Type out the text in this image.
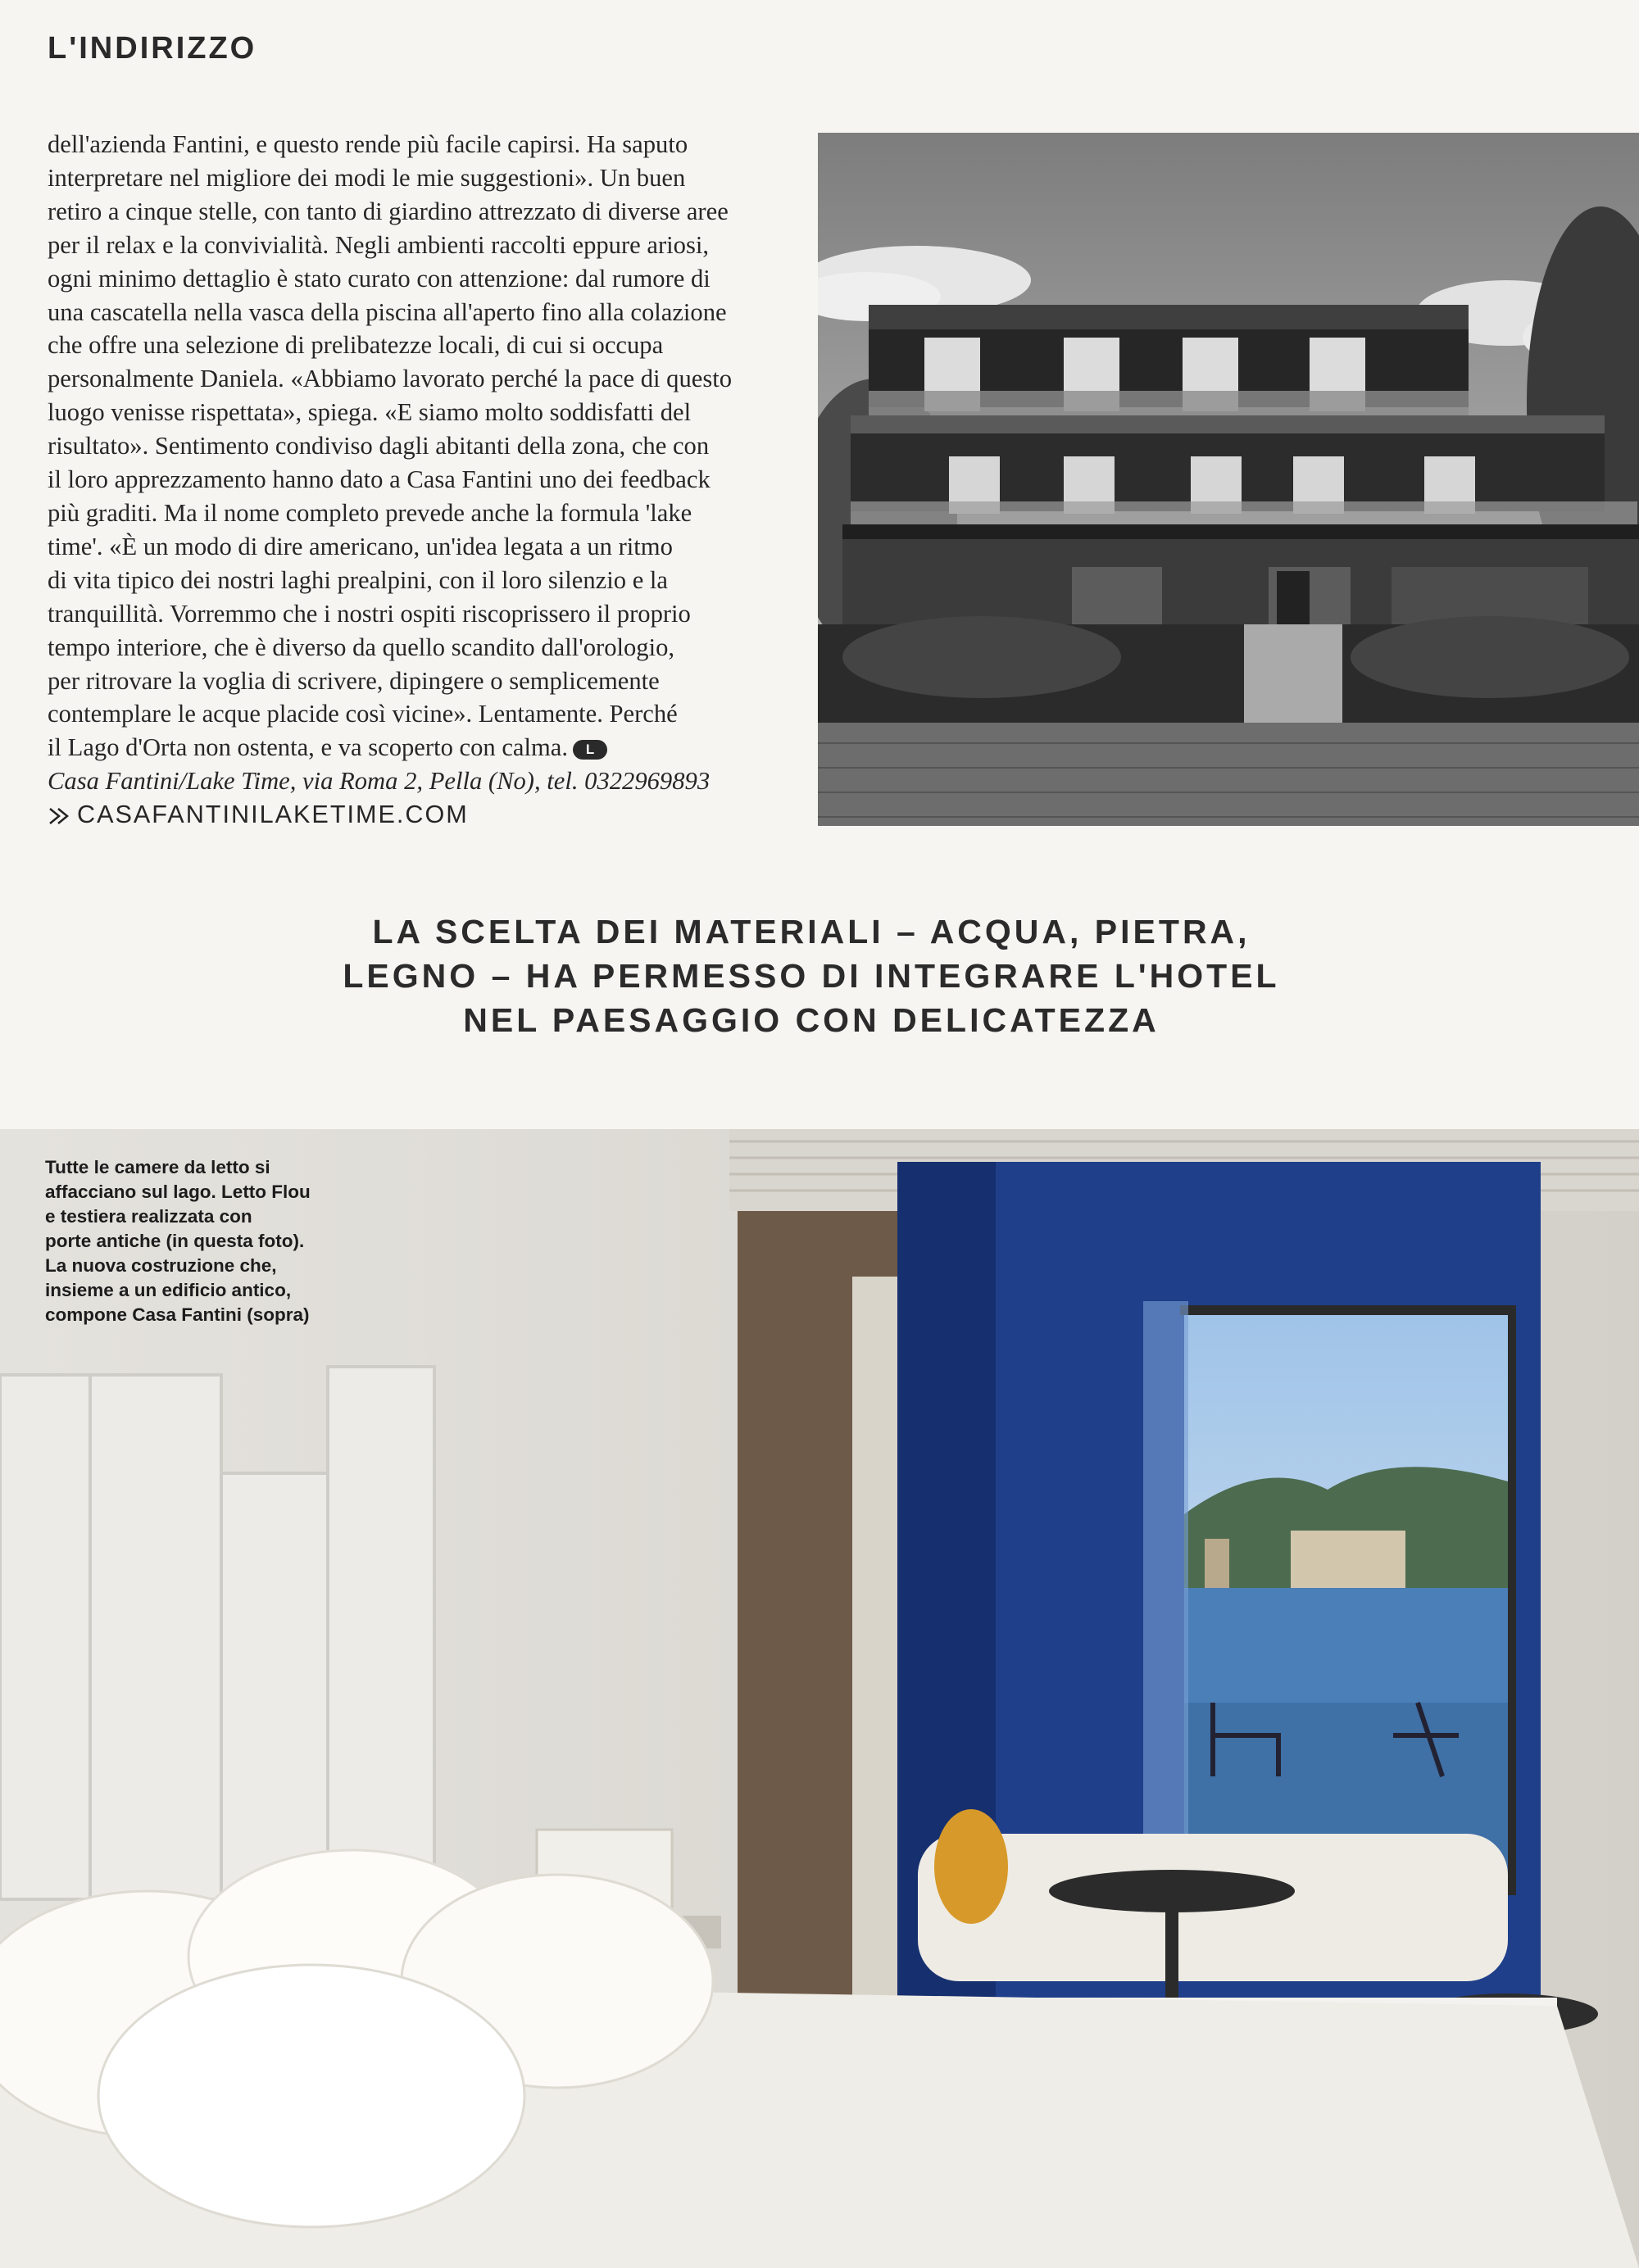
L'INDIRIZZO

dell'azienda Fantini, e questo rende più facile capirsi. Ha saputo

interpretare nel migliore dei modi le mie suggestioni». Un buen

retiro a cinque stelle, con tanto di giardino attrezzato di diverse aree

per il relax e la convivialità. Negli ambienti raccolti eppure ariosi,

ogni minimo dettaglio è stato curato con attenzione: dal rumore di

una cascatella nella vasca della piscina all'aperto fino alla colazione

che offre una selezione di prelibatezze locali, di cui si occupa

personalmente Daniela. «Abbiamo lavorato perché la pace di questo

luogo venisse rispettata», spiega. «E siamo molto soddisfatti del

risultato». Sentimento condiviso dagli abitanti della zona, che con

il loro apprezzamento hanno dato a Casa Fantini uno dei feedback

più graditi. Ma il nome completo prevede anche la formula 'lake

time'. «È un modo di dire americano, un'idea legata a un ritmo

di vita tipico dei nostri laghi prealpini, con il loro silenzio e la

tranquillità. Vorremmo che i nostri ospiti riscoprissero il proprio

tempo interiore, che è diverso da quello scandito dall'orologio,

per ritrovare la voglia di scrivere, dipingere o semplicemente

contemplare le acque placide così vicine». Lentamente. Perché

il Lago d'Orta non ostenta, e va scoperto con calma. L

Casa Fantini/Lake Time, via Roma 2, Pella (No), tel. 0322969893

CASAFANTINILAKETIME.COM

LA SCELTA DEI MATERIALI – ACQUA, PIETRA,
LEGNO – HA PERMESSO DI INTEGRARE L'HOTEL
NEL PAESAGGIO CON DELICATEZZA
Tutte le camere da letto si
affacciano sul lago. Letto Flou
e testiera realizzata con
porte antiche (in questa foto).
La nuova costruzione che,
insieme a un edificio antico,
compone Casa Fantini (sopra)
